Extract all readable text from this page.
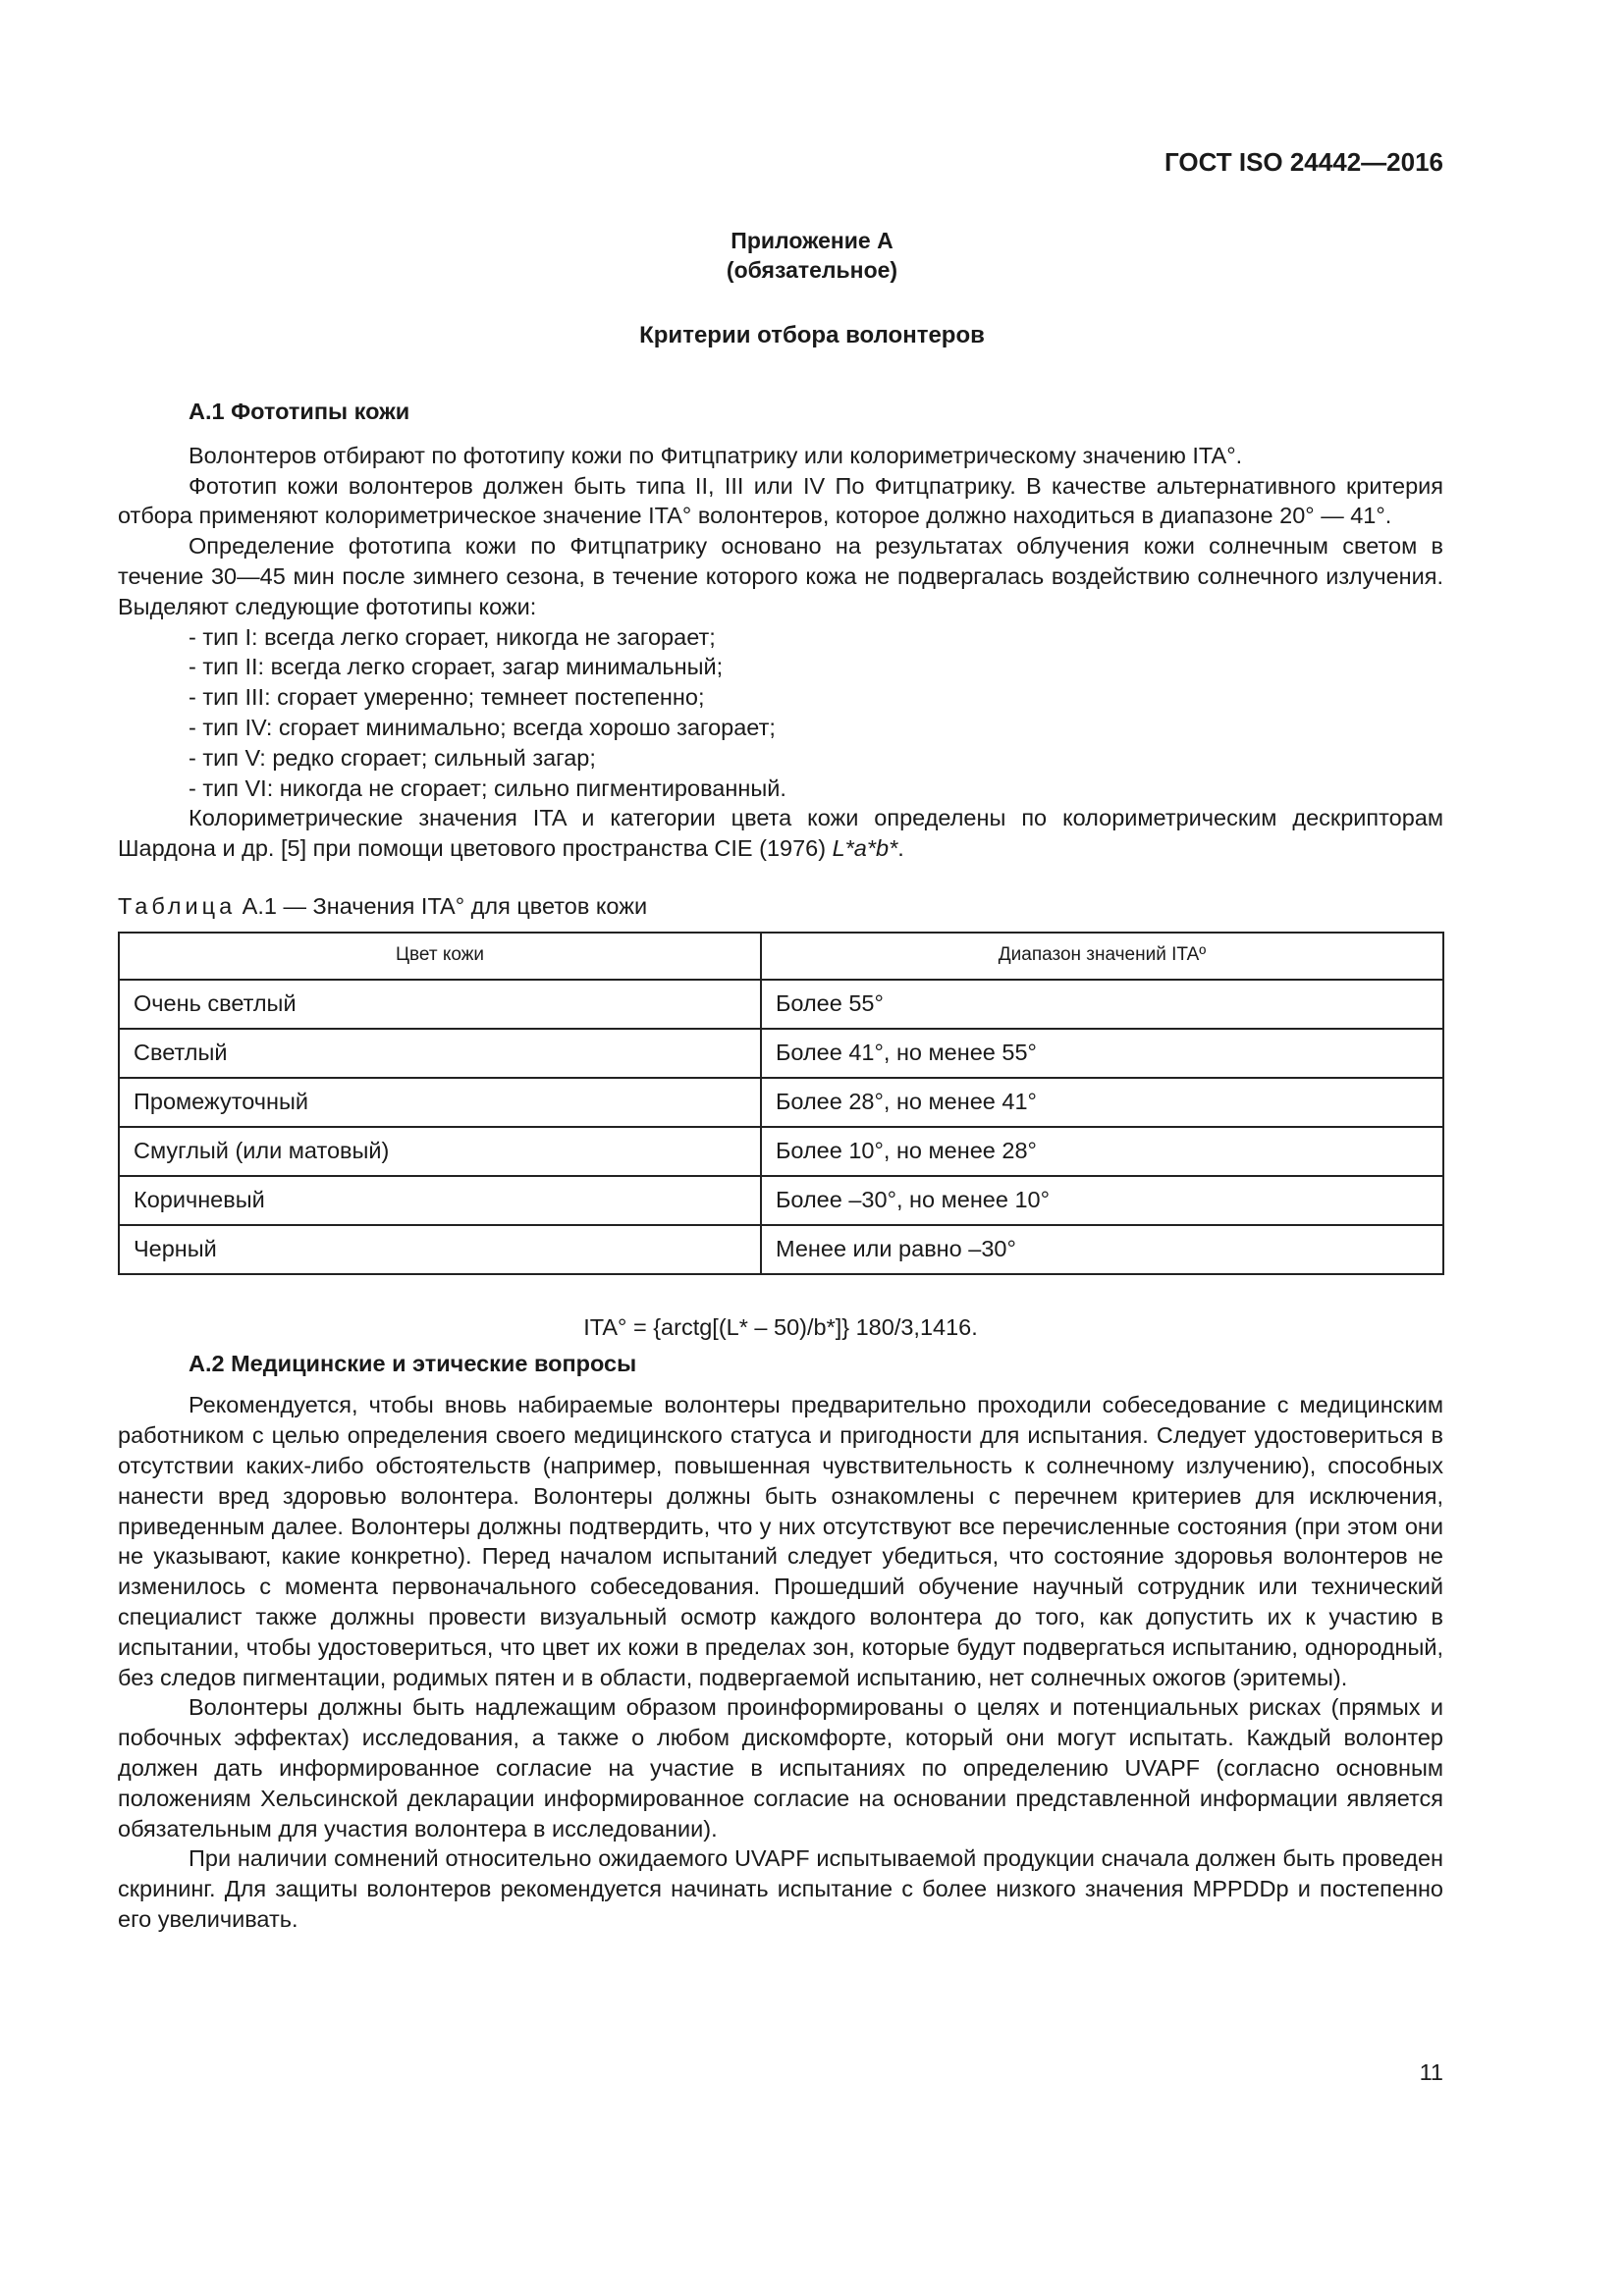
ГОСТ ISO 24442—2016
Приложение А
(обязательное)
Критерии отбора волонтеров
А.1 Фототипы кожи

Волонтеров отбирают по фототипу кожи по Фитцпатрику или колориметрическому значению ITA°.

Фототип кожи волонтеров должен быть типа II, III или IV По Фитцпатрику. В качестве альтернативного критерия отбора применяют колориметрическое значение ITA° волонтеров, которое должно находиться в диапазоне 20° — 41°.

Определение фототипа кожи по Фитцпатрику основано на результатах облучения кожи солнечным светом в течение 30—45 мин после зимнего сезона, в течение которого кожа не подвергалась воздействию солнечного излучения. Выделяют следующие фототипы кожи:

- тип I: всегда легко сгорает, никогда не загорает;
- тип II: всегда легко сгорает, загар минимальный;
- тип III: сгорает умеренно; темнеет постепенно;
- тип IV: сгорает минимально; всегда хорошо загорает;
- тип V: редко сгорает; сильный загар;
- тип VI: никогда не сгорает; сильно пигментированный.

Колориметрические значения ITA и категории цвета кожи определены по колориметрическим дескрипторам Шардона и др. [5] при помощи цветового пространства CIE (1976) L*a*b*.

Таблица А.1 — Значения ITA° для цветов кожи
Цвет кожи	Диапазон значений ITAº
Очень светлый	Более 55°
Светлый	Более 41°, но менее 55°
Промежуточный	Более 28°, но менее 41°
Смуглый (или матовый)	Более 10°, но менее 28°
Коричневый	Более –30°, но менее 10°
Черный	Менее или равно –30°
ITA° = {arctg[(L* – 50)/b*]} 180/3,1416.
А.2 Медицинские и этические вопросы

Рекомендуется, чтобы вновь набираемые волонтеры предварительно проходили собеседование с медицинским работником с целью определения своего медицинского статуса и пригодности для испытания. Следует удостовериться в отсутствии каких-либо обстоятельств (например, повышенная чувствительность к солнечному излучению), способных нанести вред здоровью волонтера. Волонтеры должны быть ознакомлены с перечнем критериев для исключения, приведенным далее. Волонтеры должны подтвердить, что у них отсутствуют все перечисленные состояния (при этом они не указывают, какие конкретно). Перед началом испытаний следует убедиться, что состояние здоровья волонтеров не изменилось с момента первоначального собеседования. Прошедший обучение научный сотрудник или технический специалист также должны провести визуальный осмотр каждого волонтера до того, как допустить их к участию в испытании, чтобы удостовериться, что цвет их кожи в пределах зон, которые будут подвергаться испытанию, однородный, без следов пигментации, родимых пятен и в области, подвергаемой испытанию, нет солнечных ожогов (эритемы).

Волонтеры должны быть надлежащим образом проинформированы о целях и потенциальных рисках (прямых и побочных эффектах) исследования, а также о любом дискомфорте, который они могут испытать. Каждый волонтер должен дать информированное согласие на участие в испытаниях по определению UVAPF (согласно основным положениям Хельсинской декларации информированное согласие на основании представленной информации является обязательным для участия волонтера в исследовании).

При наличии сомнений относительно ожидаемого UVAPF испытываемой продукции сначала должен быть проведен скрининг. Для защиты волонтеров рекомендуется начинать испытание с более низкого значения MPPDDp и постепенно его увеличивать.

11
